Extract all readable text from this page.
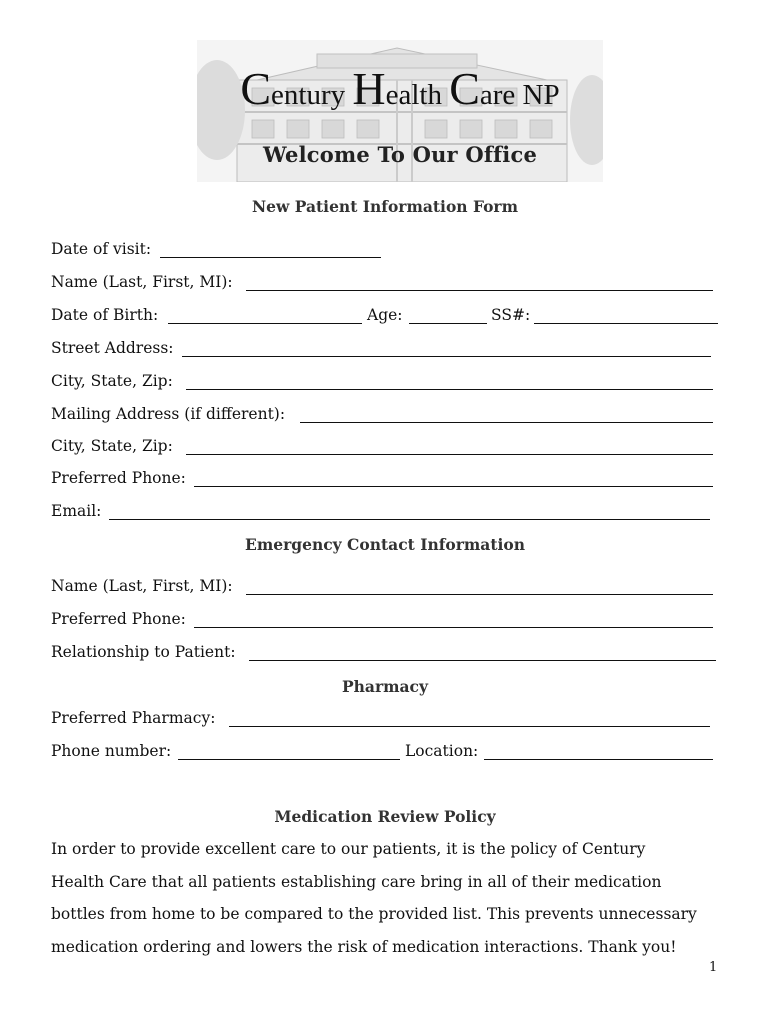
Century Health Care NP
Welcome To Our Office
New Patient Information Form
Date of visit:
Name (Last, First, MI):
Date of Birth:	Age:	SS#:
Street Address:
City, State, Zip:
Mailing Address (if different):
City, State, Zip:
Preferred Phone:
Email:
Emergency Contact Information
Name (Last, First, MI):
Preferred Phone:
Relationship to Patient:
Pharmacy
Preferred Pharmacy:
Phone number:	Location:
Medication Review Policy
In order to provide excellent care to our patients, it is the policy of Century
Health Care that all patients establishing care bring in all of their medication
bottles from home to be compared to the provided list. This prevents unnecessary
medication ordering and lowers the risk of medication interactions. Thank you!
1
